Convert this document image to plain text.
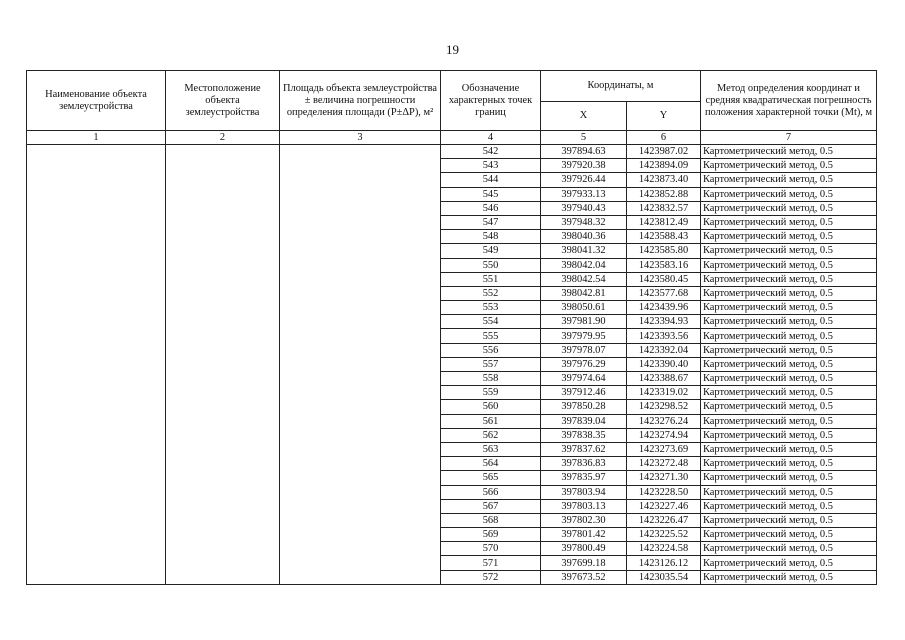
19
Наименование объекта землеустройства	Местоположение объекта землеустройства	Площадь объекта землеустройства ± величина погрешности определения площади (P±ΔP), м²	Обозначение характерных точек границ	Координаты, м		Метод определения координат и средняя квадратическая погрешность положения характерной точки (Mt), м
				X	Y	
1	2	3	4	5	6	7
			542	397894.63	1423987.02	Картометрический метод, 0.5
			543	397920.38	1423894.09	Картометрический метод, 0.5
			544	397926.44	1423873.40	Картометрический метод, 0.5
			545	397933.13	1423852.88	Картометрический метод, 0.5
			546	397940.43	1423832.57	Картометрический метод, 0.5
			547	397948.32	1423812.49	Картометрический метод, 0.5
			548	398040.36	1423588.43	Картометрический метод, 0.5
			549	398041.32	1423585.80	Картометрический метод, 0.5
			550	398042.04	1423583.16	Картометрический метод, 0.5
			551	398042.54	1423580.45	Картометрический метод, 0.5
			552	398042.81	1423577.68	Картометрический метод, 0.5
			553	398050.61	1423439.96	Картометрический метод, 0.5
			554	397981.90	1423394.93	Картометрический метод, 0.5
			555	397979.95	1423393.56	Картометрический метод, 0.5
			556	397978.07	1423392.04	Картометрический метод, 0.5
			557	397976.29	1423390.40	Картометрический метод, 0.5
			558	397974.64	1423388.67	Картометрический метод, 0.5
			559	397912.46	1423319.02	Картометрический метод, 0.5
			560	397850.28	1423298.52	Картометрический метод, 0.5
			561	397839.04	1423276.24	Картометрический метод, 0.5
			562	397838.35	1423274.94	Картометрический метод, 0.5
			563	397837.62	1423273.69	Картометрический метод, 0.5
			564	397836.83	1423272.48	Картометрический метод, 0.5
			565	397835.97	1423271.30	Картометрический метод, 0.5
			566	397803.94	1423228.50	Картометрический метод, 0.5
			567	397803.13	1423227.46	Картометрический метод, 0.5
			568	397802.30	1423226.47	Картометрический метод, 0.5
			569	397801.42	1423225.52	Картометрический метод, 0.5
			570	397800.49	1423224.58	Картометрический метод, 0.5
			571	397699.18	1423126.12	Картометрический метод, 0.5
			572	397673.52	1423035.54	Картометрический метод, 0.5
